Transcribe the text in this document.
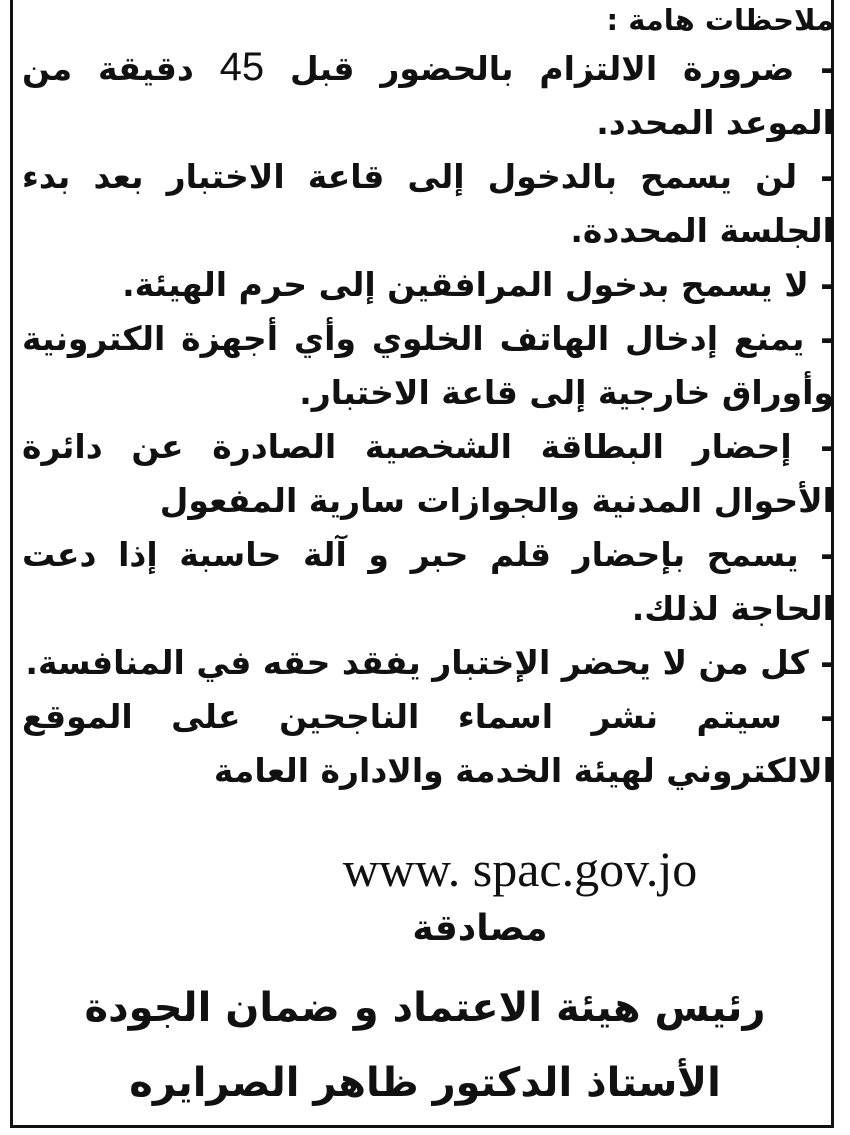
ملاحظات هامة :

- ضرورة الالتزام بالحضور قبل 45 دقيقة من الموعد المحدد.

- لن يسمح بالدخول إلى قاعة الاختبار بعد بدء الجلسة المحددة.

- لا يسمح بدخول المرافقين إلى حرم الهيئة.

- يمنع إدخال الهاتف الخلوي وأي أجهزة الكترونية وأوراق خارجية إلى قاعة الاختبار.

- إحضار البطاقة الشخصية الصادرة عن دائرة الأحوال المدنية والجوازات سارية المفعول

- يسمح بإحضار قلم حبر و آلة حاسبة إذا دعت الحاجة لذلك.

- كل من لا يحضر الإختبار يفقد حقه في المنافسة.

- سيتم نشر اسماء الناجحين على الموقع الالكتروني لهيئة الخدمة والادارة العامة

www. spac.gov.jo
مصادقة
رئيس هيئة الاعتماد و ضمان الجودة
الأستاذ الدكتور ظاهر الصرايره
